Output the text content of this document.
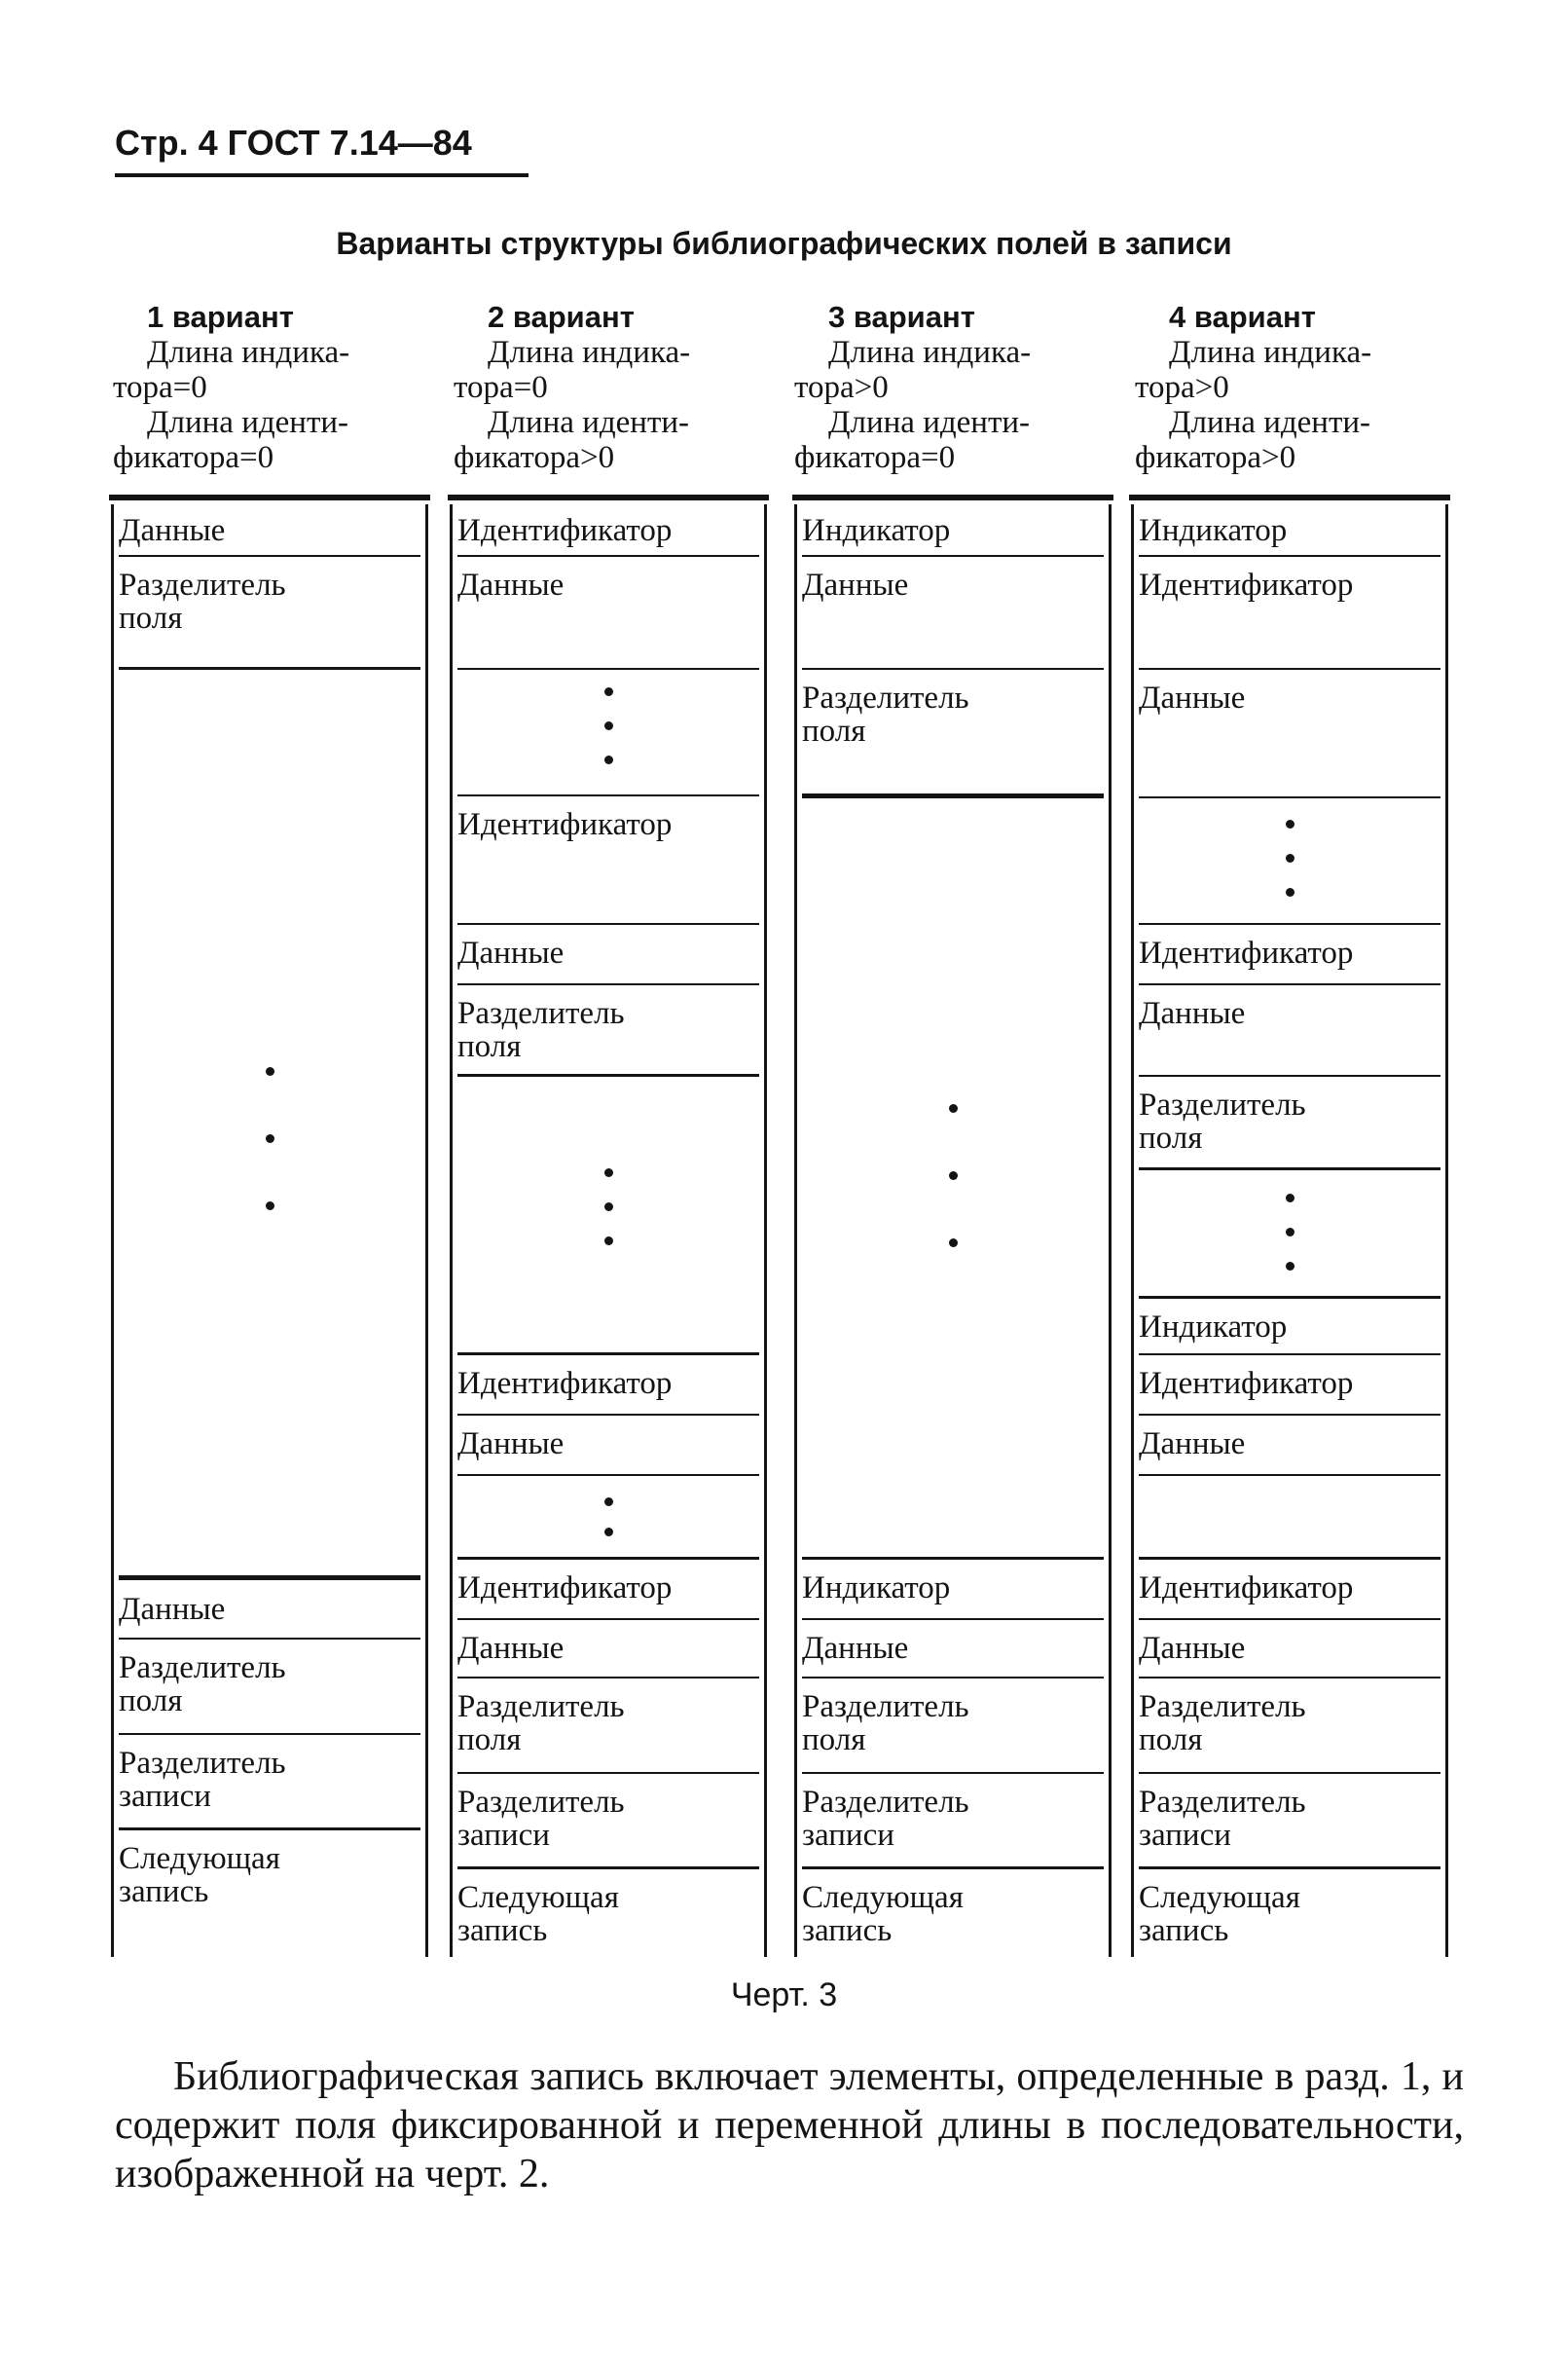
Стр. 4 ГОСТ 7.14—84
Варианты структуры библиографических полей в записи
1 вариант
Длина индика-
тора=0
Длина иденти-
фикатора=0
2 вариант
Длина индика-
тора=0
Длина иденти-
фикатора>0
3 вариант
Длина индика-
тора>0
Длина иденти-
фикатора=0
4 вариант
Длина индика-
тора>0
Длина иденти-
фикатора>0
Данные
Разделитель
поля
Данные
Разделитель
поля
Разделитель
записи
Следующая
запись
Идентификатор
Данные
Идентификатор
Данные
Разделитель
поля
Идентификатор
Данные
Идентификатор
Данные
Разделитель
поля
Разделитель
записи
Следующая
запись
Индикатор
Данные
Разделитель
поля
Индикатор
Данные
Разделитель
поля
Разделитель
записи
Следующая
запись
Индикатор
Идентификатор
Данные
Идентификатор
Данные
Разделитель
поля
Индикатор
Идентификатор
Данные
Идентификатор
Данные
Разделитель
поля
Разделитель
записи
Следующая
запись
Черт. 3
Библиографическая запись включает элементы, определенные в разд. 1, и содержит поля фиксированной и переменной длины в последовательности, изображенной на черт. 2.
